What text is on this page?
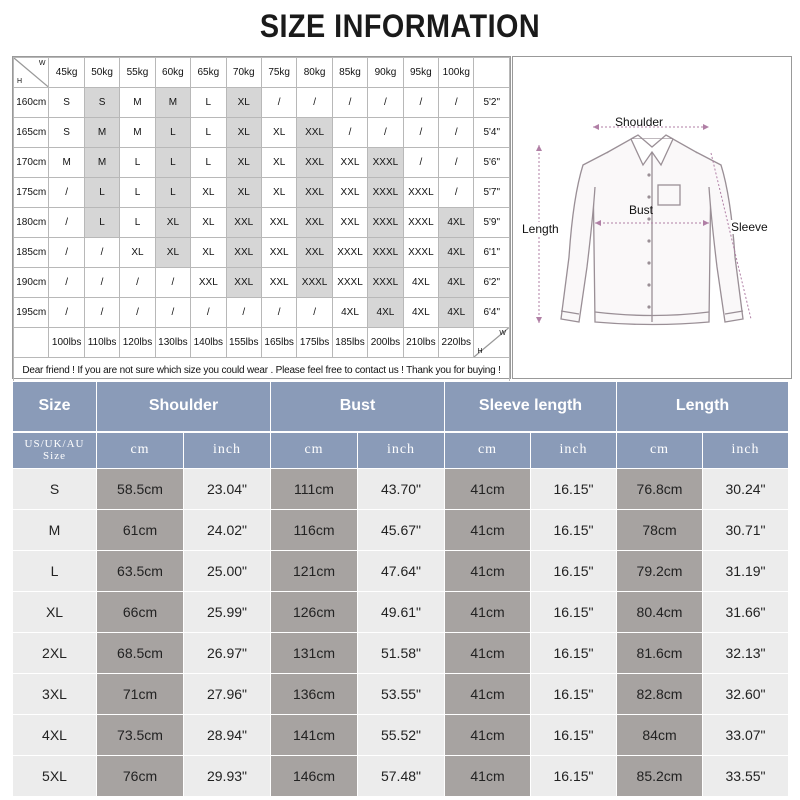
SIZE INFORMATION
H
W	45kg	50kg	55kg	60kg	65kg	70kg	75kg	80kg	85kg	90kg	95kg	100kg	
160cm	S	S	M	M	L	XL	/	/	/	/	/	/	5'2"
165cm	S	M	M	L	L	XL	XL	XXL	/	/	/	/	5'4"
170cm	M	M	L	L	L	XL	XL	XXL	XXL	XXXL	/	/	5'6"
175cm	/	L	L	L	XL	XL	XL	XXL	XXL	XXXL	XXXL	/	5'7"
180cm	/	L	L	XL	XL	XXL	XXL	XXL	XXL	XXXL	XXXL	4XL	5'9"
185cm	/	/	XL	XL	XL	XXL	XXL	XXL	XXXL	XXXL	XXXL	4XL	6'1"
190cm	/	/	/	/	XXL	XXL	XXL	XXXL	XXXL	XXXL	4XL	4XL	6'2"
195cm	/	/	/	/	/	/	/	/	4XL	4XL	4XL	4XL	6'4"
	100lbs	110lbs	120lbs	130lbs	140lbs	155lbs	165lbs	175lbs	185lbs	200lbs	210lbs	220lbs	H
W

Dear friend ! If you are not sure which size you could wear . Please feel free to contact us ! Thank you for buying !													
Shoulder
Bust
Length	Sleeve
Size	Shoulder		Bust		Sleeve length		Length	
US/UK/AU Size	cm	inch	cm	inch	cm	inch	cm	inch
S	58.5cm	23.04"	111cm	43.70"	41cm	16.15"	76.8cm	30.24"
M	61cm	24.02"	116cm	45.67"	41cm	16.15"	78cm	30.71"
L	63.5cm	25.00"	121cm	47.64"	41cm	16.15"	79.2cm	31.19"
XL	66cm	25.99"	126cm	49.61"	41cm	16.15"	80.4cm	31.66"
2XL	68.5cm	26.97"	131cm	51.58"	41cm	16.15"	81.6cm	32.13"
3XL	71cm	27.96"	136cm	53.55"	41cm	16.15"	82.8cm	32.60"
4XL	73.5cm	28.94"	141cm	55.52"	41cm	16.15"	84cm	33.07"
5XL	76cm	29.93"	146cm	57.48"	41cm	16.15"	85.2cm	33.55"
